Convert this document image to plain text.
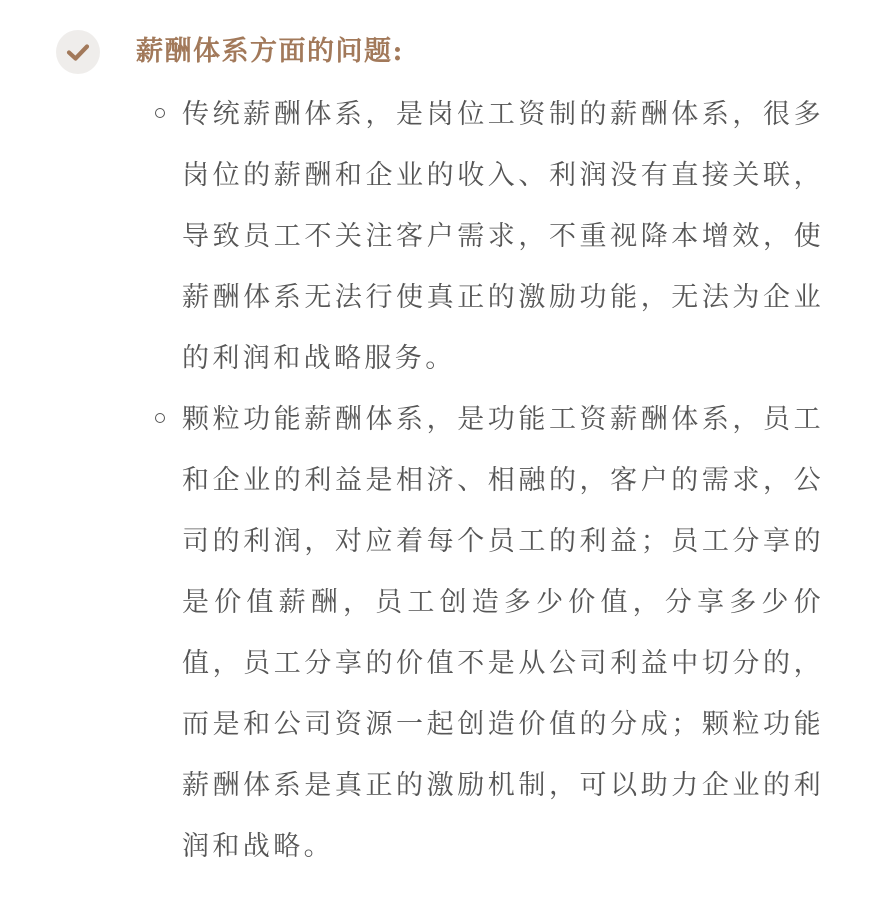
薪酬体系方面的问题:
传统薪酬体系，是岗位工资制的薪酬体系，很多岗位的薪酬和企业的收入、利润没有直接关联，导致员工不关注客户需求，不重视降本增效，使薪酬体系无法行使真正的激励功能，无法为企业的利润和战略服务。
颗粒功能薪酬体系，是功能工资薪酬体系，员工和企业的利益是相济、相融的，客户的需求，公司的利润，对应着每个员工的利益；员工分享的是价值薪酬，员工创造多少价值，分享多少价值，员工分享的价值不是从公司利益中切分的，而是和公司资源一起创造价值的分成；颗粒功能薪酬体系是真正的激励机制，可以助力企业的利润和战略。
